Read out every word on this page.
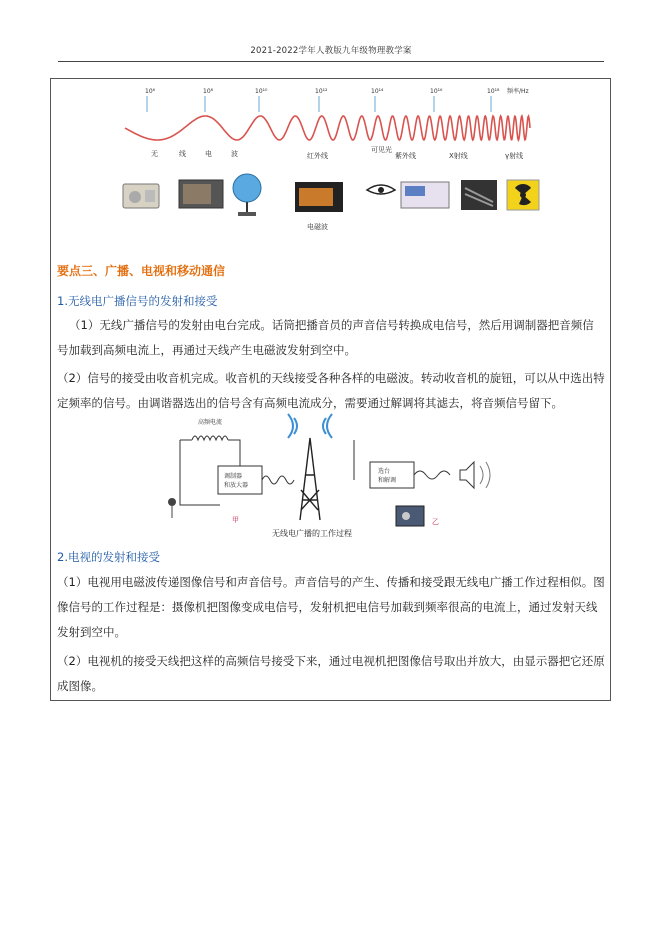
2021-2022学年人教版九年级物理教学案
10⁶	10⁸	10¹⁰	10¹²	10¹⁴	10¹⁶	10¹⁸ 频率/Hz
无	线	电	波	红外线
可见光
紫外线	X射线	γ射线
电磁波
要点三、广播、电视和移动通信
1.无线电广播信号的发射和接受
（1）无线广播信号的发射由电台完成。话筒把播音员的声音信号转换成电信号，然后用调制器把音频信号加载到高频电流上，再通过天线产生电磁波发射到空中。
（2）信号的接受由收音机完成。收音机的天线接受各种各样的电磁波。转动收音机的旋钮，可以从中选出特定频率的信号。由调谐器选出的信号含有高频电流成分，需要通过解调将其滤去，将音频信号留下。
高频电流
调制器
和放大器
甲
无线电广播的工作过程
选台
和解调
乙
2.电视的发射和接受
（1）电视用电磁波传递图像信号和声音信号。声音信号的产生、传播和接受跟无线电广播工作过程相似。图像信号的工作过程是：摄像机把图像变成电信号，发射机把电信号加载到频率很高的电流上，通过发射天线发射到空中。
（2）电视机的接受天线把这样的高频信号接受下来，通过电视机把图像信号取出并放大，由显示器把它还原成图像。
